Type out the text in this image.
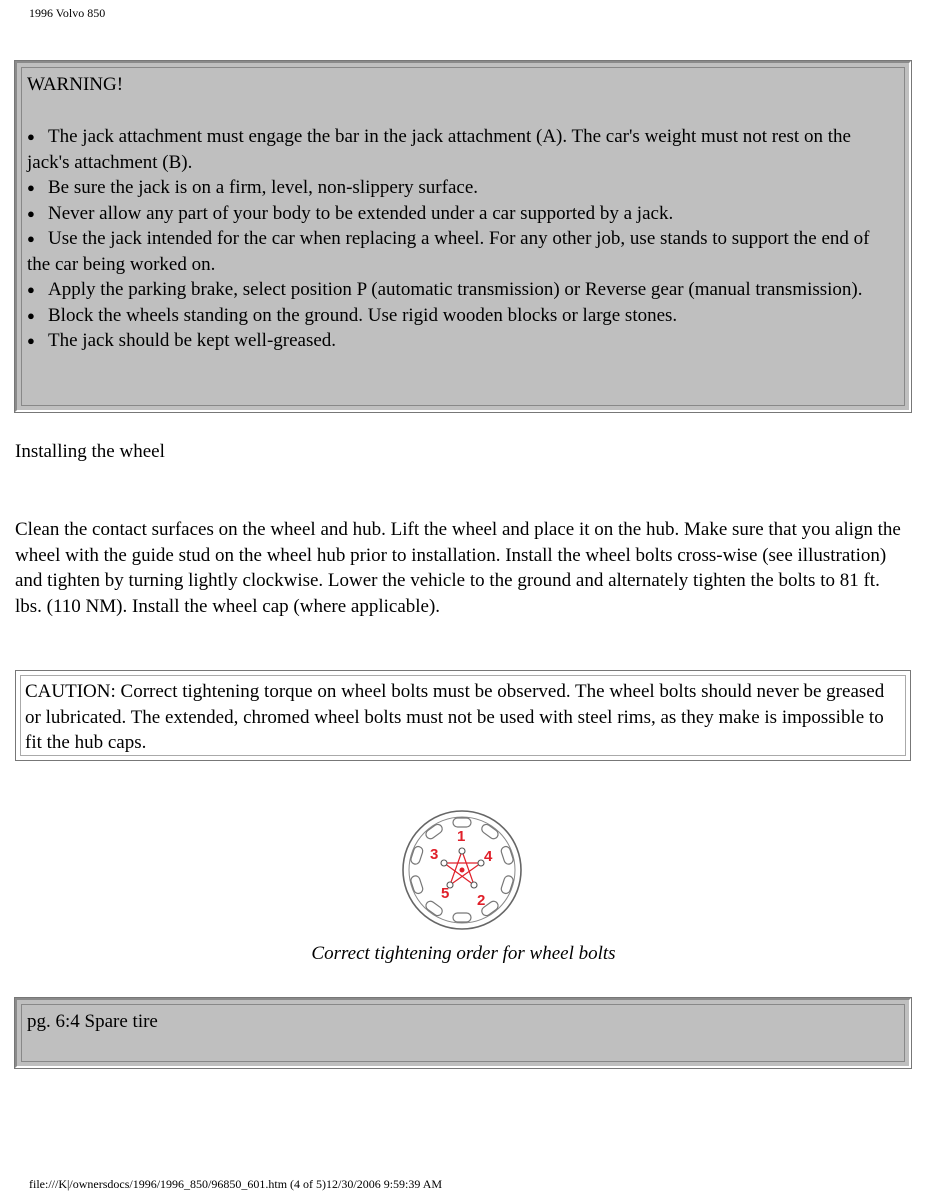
1996 Volvo 850
WARNING!
● The jack attachment must engage the bar in the jack attachment (A). The car's weight must not rest on the jack's attachment (B).
● Be sure the jack is on a firm, level, non-slippery surface.
● Never allow any part of your body to be extended under a car supported by a jack.
● Use the jack intended for the car when replacing a wheel. For any other job, use stands to support the end of the car being worked on.
● Apply the parking brake, select position P (automatic transmission) or Reverse gear (manual transmission).
● Block the wheels standing on the ground. Use rigid wooden blocks or large stones.
● The jack should be kept well-greased.
Installing the wheel

Clean the contact surfaces on the wheel and hub. Lift the wheel and place it on the hub. Make sure that you align the wheel with the guide stud on the wheel hub prior to installation. Install the wheel bolts cross-wise (see illustration) and tighten by turning lightly clockwise. Lower the vehicle to the ground and alternately tighten the bolts to 81 ft. lbs. (110 NM). Install the wheel cap (where applicable).

CAUTION: Correct tightening torque on wheel bolts must be observed. The wheel bolts should never be greased or lubricated. The extended, chromed wheel bolts must not be used with steel rims, as they make is impossible to fit the hub caps.
1
2
3	4
5
Correct tightening order for wheel bolts
pg. 6:4 Spare tire
file:///K|/ownersdocs/1996/1996_850/96850_601.htm (4 of 5)12/30/2006 9:59:39 AM
